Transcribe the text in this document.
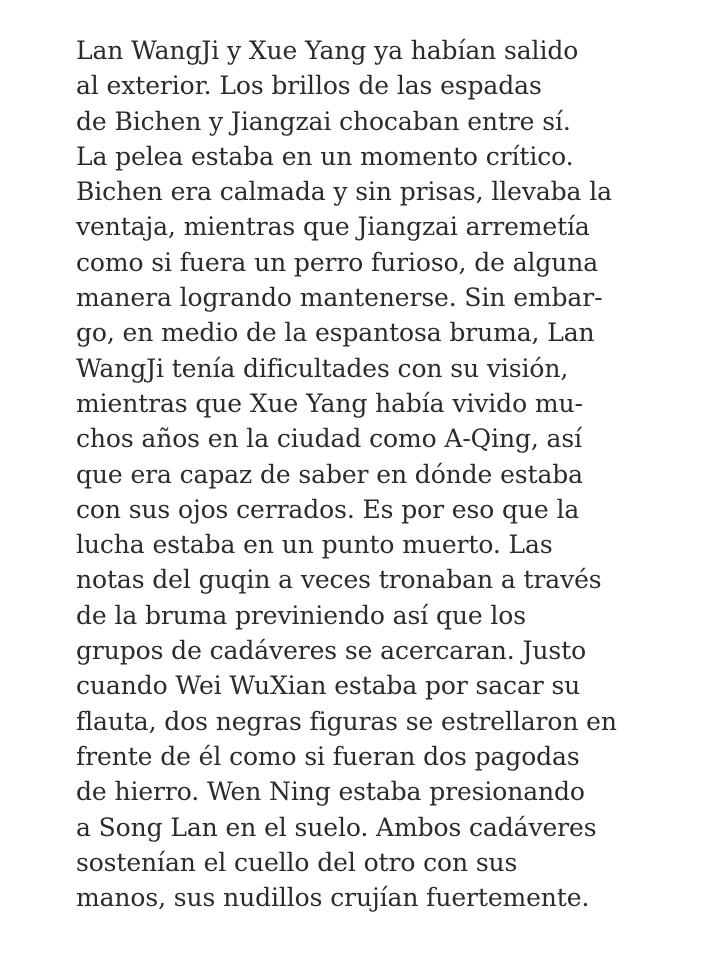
Lan WangJi y Xue Yang ya habían salido
al exterior. Los brillos de las espadas
de Bichen y Jiangzai chocaban entre sí.
La pelea estaba en un momento crítico.
Bichen era calmada y sin prisas, llevaba la
ventaja, mientras que Jiangzai arremetía
como si fuera un perro furioso, de alguna
manera logrando mantenerse. Sin embar-
go, en medio de la espantosa bruma, Lan
WangJi tenía dificultades con su visión,
mientras que Xue Yang había vivido mu-
chos años en la ciudad como A-Qing, así
que era capaz de saber en dónde estaba
con sus ojos cerrados. Es por eso que la
lucha estaba en un punto muerto. Las
notas del guqin a veces tronaban a través
de la bruma previniendo así que los
grupos de cadáveres se acercaran. Justo
cuando Wei WuXian estaba por sacar su
flauta, dos negras figuras se estrellaron en
frente de él como si fueran dos pagodas
de hierro. Wen Ning estaba presionando
a Song Lan en el suelo. Ambos cadáveres
sostenían el cuello del otro con sus
manos, sus nudillos crujían fuertemente.
